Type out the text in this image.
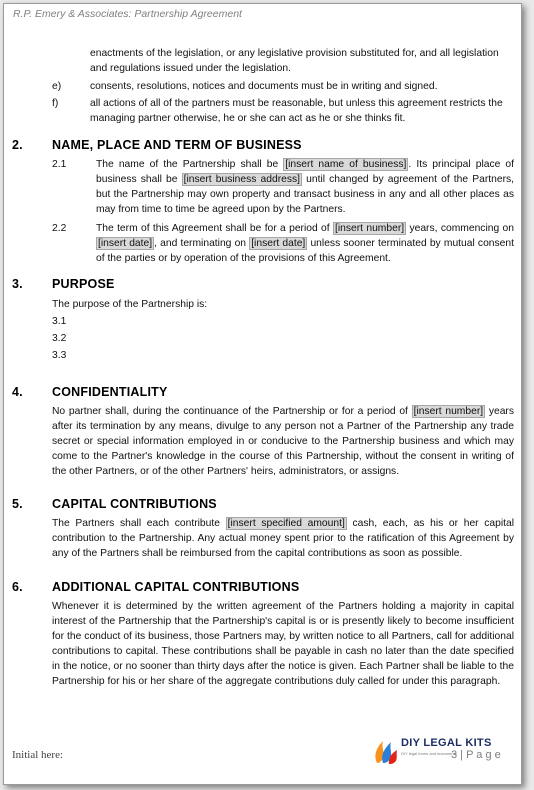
R.P. Emery & Associates: Partnership Agreement
enactments of the legislation, or any legislative provision substituted for, and all legislation and regulations issued under the legislation.
e)	consents, resolutions, notices and documents must be in writing and signed.
f)	all actions of all of the partners must be reasonable, but unless this agreement restricts the managing partner otherwise, he or she can act as he or she thinks fit.
2. NAME, PLACE AND TERM OF BUSINESS
2.1	The name of the Partnership shall be [insert name of business] . Its principal place of business shall be [insert business address] until changed by agreement of the Partners, but the Partnership may own property and transact business in any and all other places as may from time to time be agreed upon by the Partners.
2.2	The term of this Agreement shall be for a period of [insert number] years, commencing on [insert date] , and terminating on [insert date] unless sooner terminated by mutual consent of the parties or by operation of the provisions of this Agreement.
3. PURPOSE
The purpose of the Partnership is:
3.1
3.2
3.3
4. CONFIDENTIALITY
No partner shall, during the continuance of the Partnership or for a period of [insert number] years after its termination by any means, divulge to any person not a Partner of the Partnership any trade secret or special information employed in or conducive to the Partnership business and which may come to the Partner's knowledge in the course of this Partnership, without the consent in writing of the other Partners, or of the other Partners' heirs, administrators, or assigns.
5. CAPITAL CONTRIBUTIONS
The Partners shall each contribute [insert specified amount] cash, each, as his or her capital contribution to the Partnership. Any actual money spent prior to the ratification of this Agreement by any of the Partners shall be reimbursed from the capital contributions as soon as possible.
6. ADDITIONAL CAPITAL CONTRIBUTIONS
Whenever it is determined by the written agreement of the Partners holding a majority in capital interest of the Partnership that the Partnership's capital is or is presently likely to become insufficient for the conduct of its business, those Partners may, by written notice to all Partners, call for additional contributions to capital. These contributions shall be payable in cash no later than the date specified in the notice, or no sooner than thirty days after the notice is given. Each Partner shall be liable to the Partnership for his or her share of the aggregate contributions duly called for under this paragraph.
Initial here:
DIY LEGAL KITS
DIY legal forms and documents
3 | P a g e
